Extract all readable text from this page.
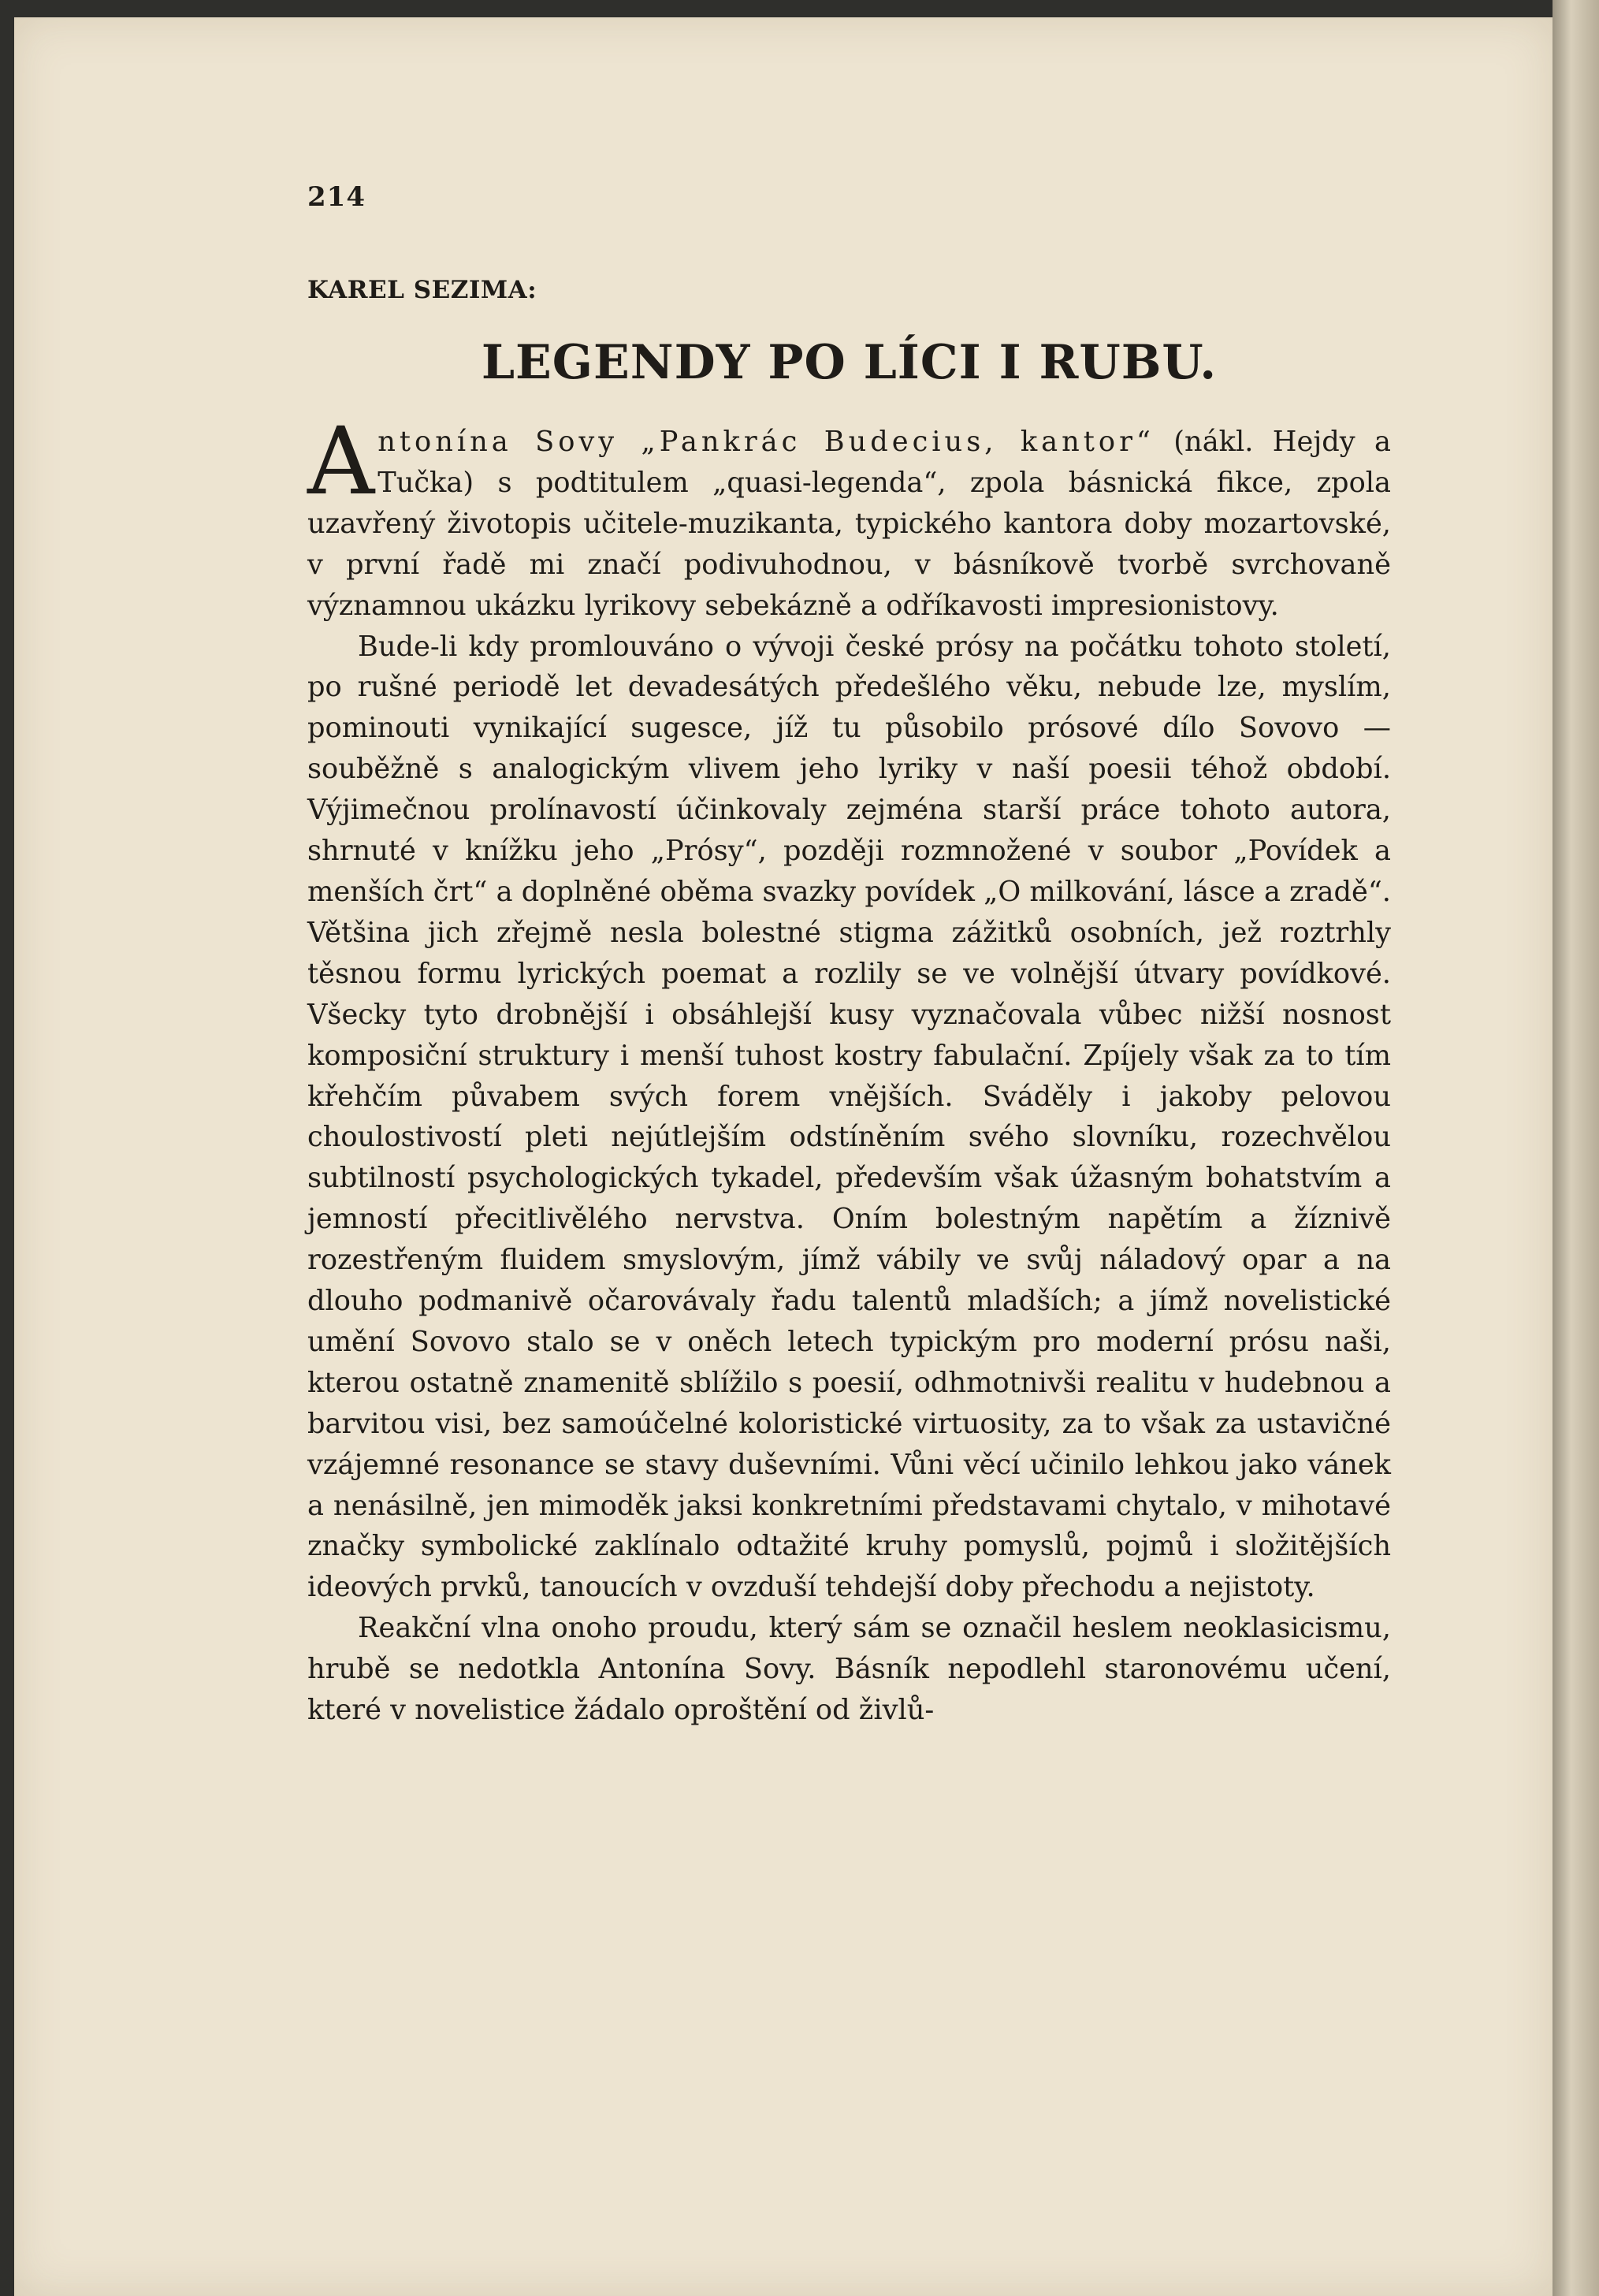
214
KAREL SEZIMA:
LEGENDY PO LÍCI I RUBU.

Antonína Sovy „Pankrác Budecius, kantor“ (nákl. Hejdy a Tučka) s podtitulem „quasi-legenda“, zpola básnická fikce, zpola uzavřený životopis učitele-muzikanta, typického kantora doby mozartovské, v první řadě mi značí podivuhodnou, v básníkově tvorbě svrchovaně významnou ukázku lyrikovy sebekázně a odříkavosti impresionistovy.

Bude-li kdy promlouváno o vývoji české prósy na počátku tohoto století, po rušné periodě let devadesátých předešlého věku, nebude lze, myslím, pominouti vynikající sugesce, jíž tu působilo prósové dílo Sovovo — souběžně s analogickým vlivem jeho lyriky v naší poesii téhož období. Výjimečnou prolínavostí účinkovaly zejména starší práce tohoto autora, shrnuté v knížku jeho „Prósy“, později rozmnožené v soubor „Povídek a menších črt“ a doplněné oběma svazky povídek „O milkování, lásce a zradě“. Většina jich zřejmě nesla bolestné stigma zážitků osobních, jež roztrhly těsnou formu lyrických poemat a rozlily se ve volnější útvary povídkové. Všecky tyto drobnější i obsáhlejší kusy vyznačovala vůbec nižší nosnost komposiční struktury i menší tuhost kostry fabulační. Zpíjely však za to tím křehčím půvabem svých forem vnějších. Sváděly i jakoby pelovou choulostivostí pleti nejútlejším odstíněním svého slovníku, rozechvělou subtilností psychologických tykadel, především však úžasným bohatstvím a jemností přecitlivělého nervstva. Oním bolestným napětím a žíznivě rozestřeným fluidem smyslovým, jímž vábily ve svůj náladový opar a na dlouho podmanivě očarovávaly řadu talentů mladších; a jímž novelistické umění Sovovo stalo se v oněch letech typickým pro moderní prósu naši, kterou ostatně znamenitě sblížilo s poesií, odhmotnivši realitu v hudebnou a barvitou visi, bez samoúčelné koloristické virtuosity, za to však za ustavičné vzájemné resonance se stavy duševními. Vůni věcí učinilo lehkou jako vánek a nenásilně, jen mimoděk jaksi konkretními představami chytalo, v mihotavé značky symbolické zaklínalo odtažité kruhy pomyslů, pojmů i složitějších ideových prvků, tanoucích v ovzduší tehdejší doby přechodu a nejistoty.

Reakční vlna onoho proudu, který sám se označil heslem neoklasicismu, hrubě se nedotkla Antonína Sovy. Básník nepodlehl staronovému učení, které v novelistice žádalo oproštění od živlů-
